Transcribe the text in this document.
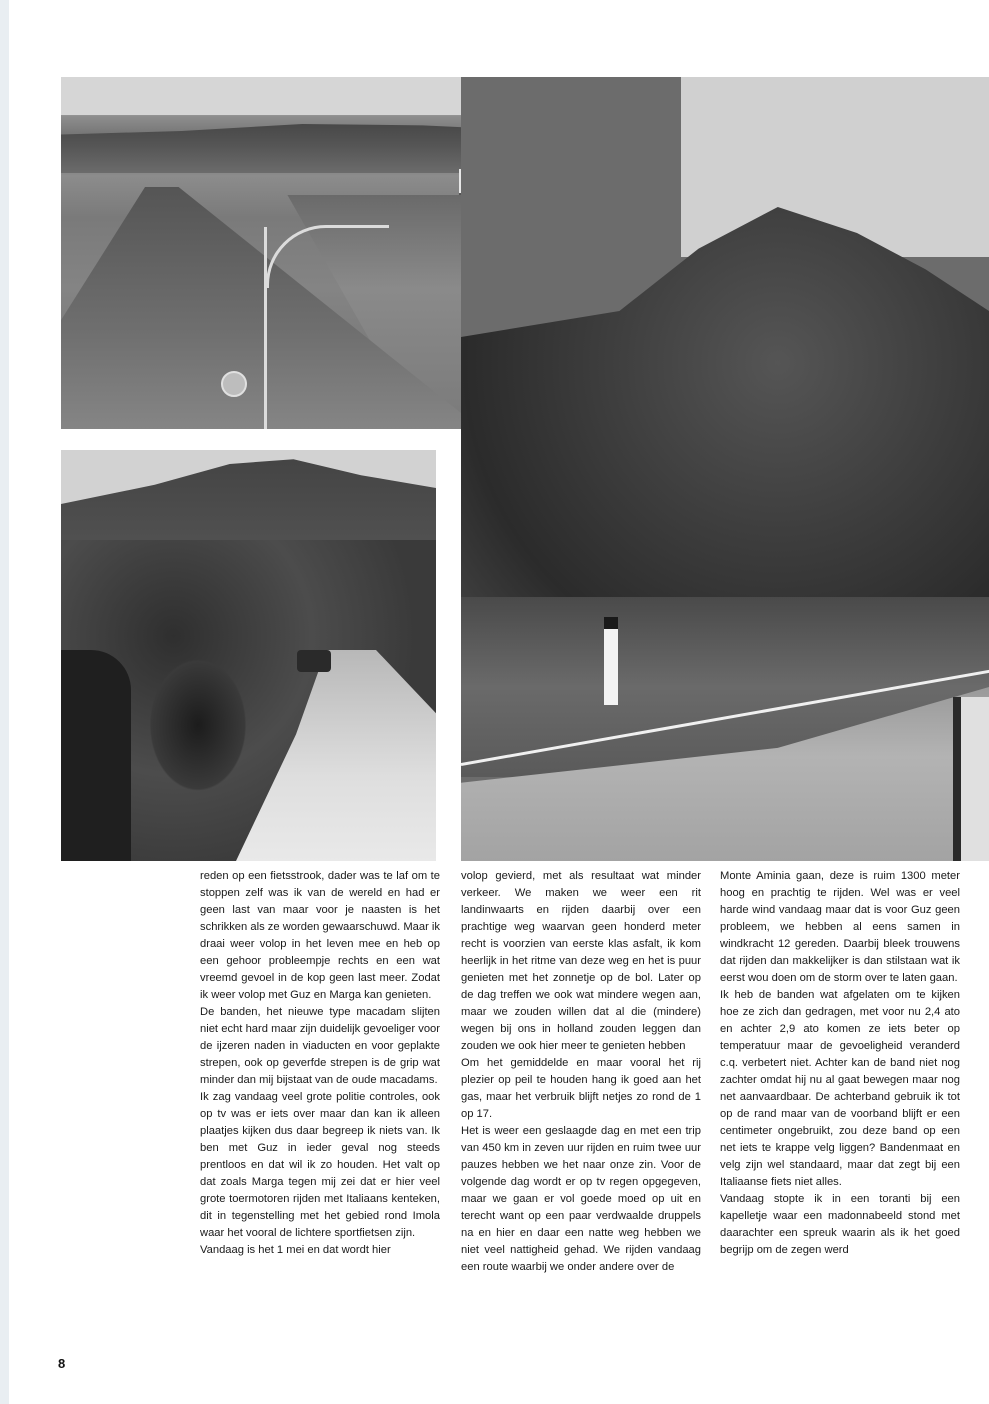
reden op een fietsstrook, dader was te laf om te stoppen zelf was ik van de wereld en had er geen last van maar voor je naasten is het schrikken als ze worden gewaarschuwd. Maar ik draai weer volop in het leven mee en heb op een gehoor probleempje rechts en een wat vreemd gevoel in de kop geen last meer. Zodat ik weer volop met Guz en Marga kan genieten.

De banden, het nieuwe type macadam slijten niet echt hard maar zijn duidelijk gevoeliger voor de ijzeren naden in viaducten en voor geplakte strepen, ook op geverfde strepen is de grip wat minder dan mij bijstaat van de oude macadams.

Ik zag vandaag veel grote politie controles, ook op tv was er iets over maar dan kan ik alleen plaatjes kijken dus daar begreep ik niets van. Ik ben met Guz in ieder geval nog steeds prentloos en dat wil ik zo houden. Het valt op dat zoals Marga tegen mij zei dat er hier veel grote toermotoren rijden met Italiaans kenteken, dit in tegenstelling met het gebied rond Imola waar het vooral de lichtere sportfietsen zijn.

Vandaag is het 1 mei en dat wordt hier

volop gevierd, met als resultaat wat minder verkeer. We maken we weer een rit landinwaarts en rijden daarbij over een prachtige weg waarvan geen honderd meter recht is voorzien van eerste klas asfalt, ik kom heerlijk in het ritme van deze weg en het is puur genieten met het zonnetje op de bol. Later op de dag treffen we ook wat mindere wegen aan, maar we zouden willen dat al die (mindere) wegen bij ons in holland zouden leggen dan zouden we ook hier meer te genieten hebben

Om het gemiddelde en maar vooral het rij plezier op peil te houden hang ik goed aan het gas, maar het verbruik blijft netjes zo rond de 1 op 17.

Het is weer een geslaagde dag en met een trip van 450 km in zeven uur rijden en ruim twee uur pauzes hebben we het naar onze zin. Voor de volgende dag wordt er op tv regen opgegeven, maar we gaan er vol goede moed op uit en terecht want op een paar verdwaalde druppels na en hier en daar een natte weg hebben we niet veel nattigheid gehad. We rijden vandaag een route waarbij we onder andere over de

Monte Aminia gaan, deze is ruim 1300 meter hoog en prachtig te rijden. Wel was er veel harde wind vandaag maar dat is voor Guz geen probleem, we hebben al eens samen in windkracht 12 gereden. Daarbij bleek trouwens dat rijden dan makkelijker is dan stilstaan wat ik eerst wou doen om de storm over te laten gaan.

Ik heb de banden wat afgelaten om te kijken hoe ze zich dan gedragen, met voor nu 2,4 ato en achter 2,9 ato komen ze iets beter op temperatuur maar de gevoeligheid veranderd c.q. verbetert niet. Achter kan de band niet nog zachter omdat hij nu al gaat bewegen maar nog net aanvaardbaar. De achterband gebruik ik tot op de rand maar van de voorband blijft er een centimeter ongebruikt, zou deze band op een net iets te krappe velg liggen? Bandenmaat en velg zijn wel standaard, maar dat zegt bij een Italiaanse fiets niet alles.

Vandaag stopte ik in een toranti bij een kapelletje waar een madonnabeeld stond met daarachter een spreuk waarin als ik het goed begrijp om de zegen werd

8
